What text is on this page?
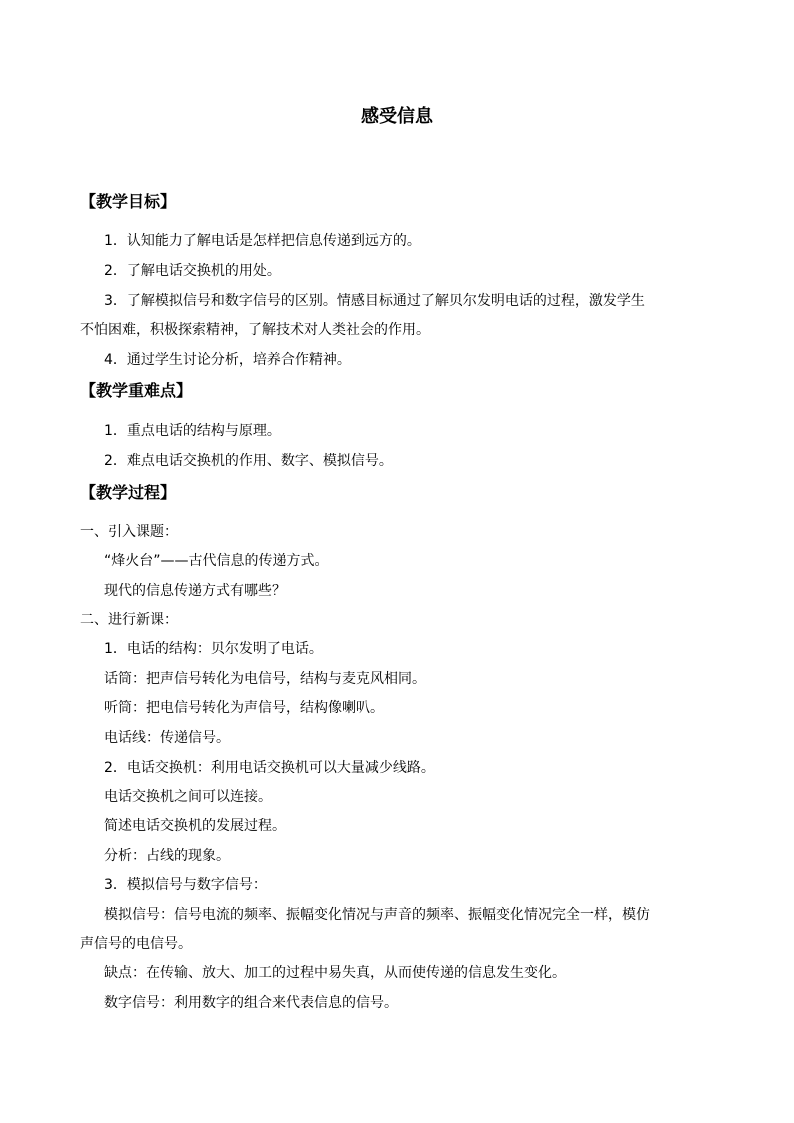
感受信息
【教学目标】
1．认知能力了解电话是怎样把信息传递到远方的。
2．了解电话交换机的用处。
3．了解模拟信号和数字信号的区别。情感目标通过了解贝尔发明电话的过程，激发学生
不怕困难，积极探索精神，了解技术对人类社会的作用。
4．通过学生讨论分析，培养合作精神。
【教学重难点】
1．重点电话的结构与原理。
2．难点电话交换机的作用、数字、模拟信号。
【教学过程】
一、引入课题：
“烽火台”——古代信息的传递方式。
现代的信息传递方式有哪些？
二、进行新课：
1．电话的结构：贝尔发明了电话。
话筒：把声信号转化为电信号，结构与麦克风相同。
听筒：把电信号转化为声信号，结构像喇叭。
电话线：传递信号。
2．电话交换机：利用电话交换机可以大量减少线路。
电话交换机之间可以连接。
简述电话交换机的发展过程。
分析：占线的现象。
3．模拟信号与数字信号：
模拟信号：信号电流的频率、振幅变化情况与声音的频率、振幅变化情况完全一样，模仿
声信号的电信号。
缺点：在传输、放大、加工的过程中易失真，从而使传递的信息发生变化。
数字信号：利用数字的组合来代表信息的信号。
